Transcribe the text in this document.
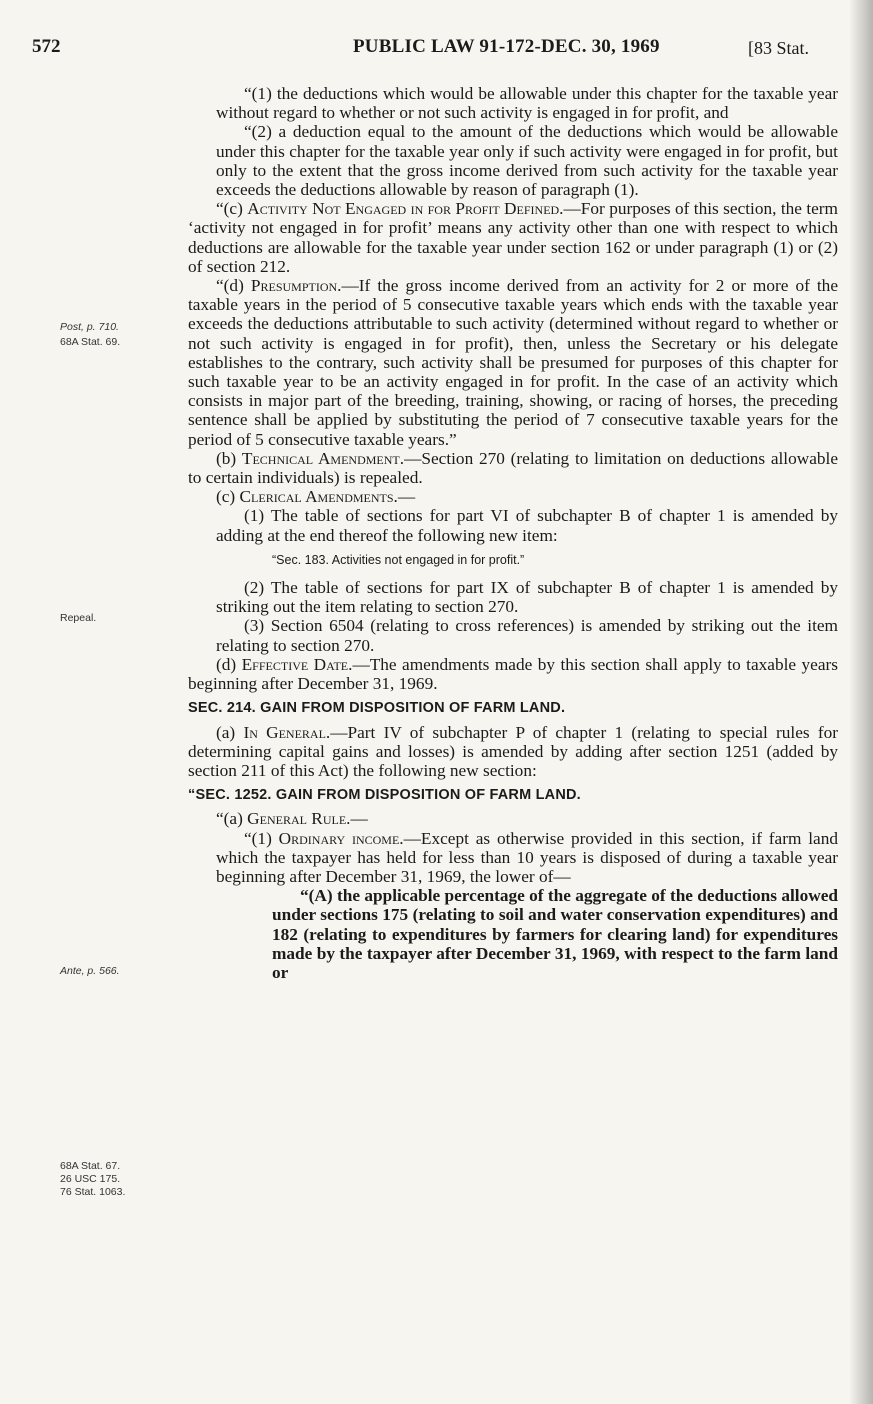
572	PUBLIC LAW 91-172-DEC. 30, 1969	[83 Stat.
Post, p. 710.
68A Stat. 69.
Repeal.
Ante, p. 566.
68A Stat. 67.
26 USC 175.
76 Stat. 1063.

“(1) the deductions which would be allowable under this chapter for the taxable year without regard to whether or not such activity is engaged in for profit, and

“(2) a deduction equal to the amount of the deductions which would be allowable under this chapter for the taxable year only if such activity were engaged in for profit, but only to the extent that the gross income derived from such activity for the taxable year exceeds the deductions allowable by reason of paragraph (1).

“(c) Activity Not Engaged in for Profit Defined.—For purposes of this section, the term ‘activity not engaged in for profit’ means any activity other than one with respect to which deductions are allowable for the taxable year under section 162 or under paragraph (1) or (2) of section 212.

“(d) Presumption.—If the gross income derived from an activity for 2 or more of the taxable years in the period of 5 consecutive taxable years which ends with the taxable year exceeds the deductions attributable to such activity (determined without regard to whether or not such activity is engaged in for profit), then, unless the Secretary or his delegate establishes to the contrary, such activity shall be presumed for purposes of this chapter for such taxable year to be an activity engaged in for profit. In the case of an activity which consists in major part of the breeding, training, showing, or racing of horses, the preceding sentence shall be applied by substituting the period of 7 consecutive taxable years for the period of 5 consecutive taxable years.”

(b) Technical Amendment.—Section 270 (relating to limitation on deductions allowable to certain individuals) is repealed.

(c) Clerical Amendments.—

(1) The table of sections for part VI of subchapter B of chapter 1 is amended by adding at the end thereof the following new item:

“Sec. 183. Activities not engaged in for profit.”

(2) The table of sections for part IX of subchapter B of chapter 1 is amended by striking out the item relating to section 270.

(3) Section 6504 (relating to cross references) is amended by striking out the item relating to section 270.

(d) Effective Date.—The amendments made by this section shall apply to taxable years beginning after December 31, 1969.

SEC. 214. GAIN FROM DISPOSITION OF FARM LAND.

(a) In General.—Part IV of subchapter P of chapter 1 (relating to special rules for determining capital gains and losses) is amended by adding after section 1251 (added by section 211 of this Act) the following new section:

“SEC. 1252. GAIN FROM DISPOSITION OF FARM LAND.

“(a) General Rule.—

“(1) Ordinary income.—Except as otherwise provided in this section, if farm land which the taxpayer has held for less than 10 years is disposed of during a taxable year beginning after December 31, 1969, the lower of—

“(A) the applicable percentage of the aggregate of the deductions allowed under sections 175 (relating to soil and water conservation expenditures) and 182 (relating to expenditures by farmers for clearing land) for expenditures made by the taxpayer after December 31, 1969, with respect to the farm land or
